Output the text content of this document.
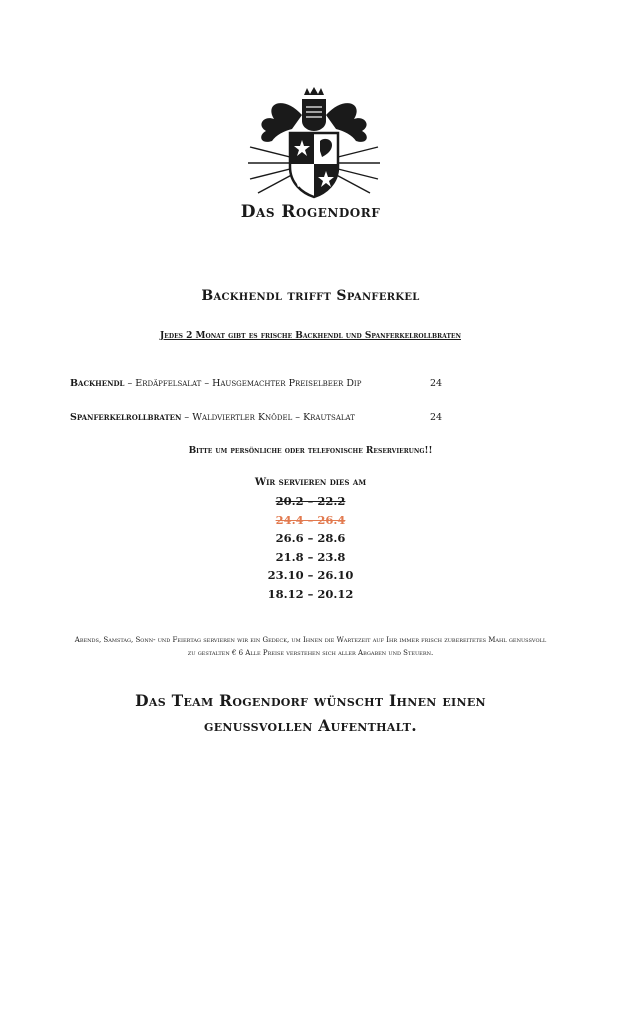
Das Rogendorf
Backhendl trifft Spanferkel
Jedes 2 Monat gibt es frische Backhendl und Spanferkelrollbraten
Backhendl – Erdäpfelsalat – Hausgemachter Preiselbeer Dip	24
Spanferkelrollbraten – Waldviertler Knödel – Krautsalat	24
Bitte um persönliche oder telefonische Reservierung!!
Wir servieren dies am
20.2 – 22.2
24.4 – 26.4
26.6 – 28.6
21.8 – 23.8
23.10 – 26.10
18.12 – 20.12
Abends, Samstag, Sonn- und Feiertag servieren wir ein Gedeck, um Ihnen die Wartezeit auf Ihr immer frisch zubereitetes Mahl genussvoll zu gestalten € 6 Alle Preise verstehen sich aller Abgaben und Steuern.
Das Team Rogendorf wünscht Ihnen einen
genussvollen Aufenthalt.
